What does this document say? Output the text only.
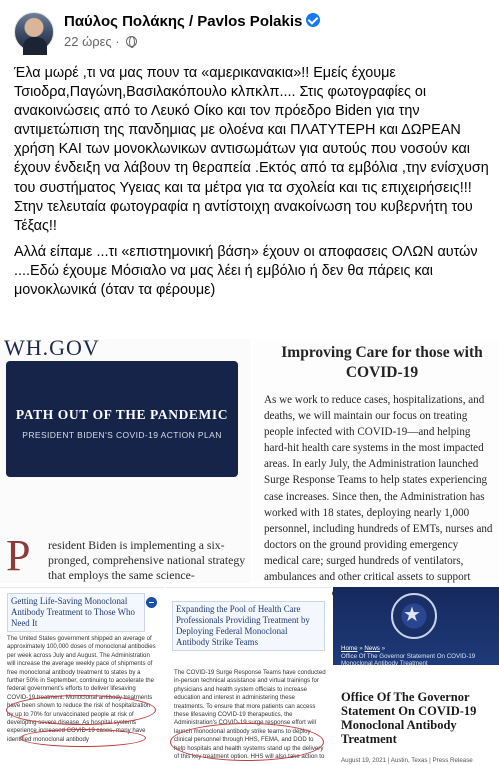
Παύλος Πολάκης / Pavlos Polakis
22 ώρες ·

Έλα μωρέ ,τι να μας πουν τα «αμερικανακια»!! Εμείς έχουμε Τσιοδρα,Παγώνη,Βασιλακόπουλο κλπκλπ.... Στις φωτογραφίες οι ανακοινώσεις από το Λευκό Οίκο και τον πρόεδρο Biden για την αντιμετώπιση της πανδημιας με ολοένα και ΠΛΑΤΥΤΕΡΗ και ΔΩΡΕΑΝ χρήση ΚΑΙ των μονοκλωνικων αντισωμάτων για αυτούς που νοσούν και έχουν ένδειξη να λάβουν τη θεραπεία .Εκτός από τα εμβόλια ,την ενίσχυση του συστήματος Υγειας και τα μέτρα για τα σχολεία και τις επιχειρήσεις!!! Στην τελευταία φωτογραφία η αντίστοιχη ανακοίνωση του κυβερνήτη του Τέξας!!

Αλλά είπαμε ...τι «επιστημονική βάση» έχουν οι αποφασεις ΟΛΩΝ αυτών ....Εδώ έχουμε Μόσιαλο να μας λέει ή εμβόλιο ή δεν θα πάρεις και μονοκλωνικά (όταν τα φέρουμε)

WH.GOV
PATH OUT OF THE PANDEMIC
PRESIDENT BIDEN'S COVID-19 ACTION PLAN
P resident Biden is implementing a six-pronged, comprehensive national strategy that employs the same science-
Improving Care for those with COVID-19
As we work to reduce cases, hospitalizations, and deaths, we will maintain our focus on treating people infected with COVID-19—and helping hard-hit health care systems in the most impacted areas. In early July, the Administration launched Surge Response Teams to help states experiencing case increases. Since then, the Administration has worked with 18 states, deploying nearly 1,000 personnel, including hundreds of EMTs, nurses and doctors on the ground providing emergency medical care; surged hundreds of ventilators, ambulances and other critical assets to support
Getting Life-Saving Monoclonal Antibody Treatment to Those Who Need It
The United States government shipped an average of approximately 100,000 doses of monoclonal antibodies per week across July and August. The Administration will increase the average weekly pace of shipments of free monoclonal antibody treatment to states by a further 50% in September, continuing to accelerate the federal government's efforts to deliver lifesaving COVID-19 treatment. Monoclonal antibody treatments have been shown to reduce the risk of hospitalization by up to 70% for unvaccinated people at risk of developing severe disease. As hospital systems experience increased COVID-19 cases, many have identified monoclonal antibody
Expanding the Pool of Health Care Professionals Providing Treatment by Deploying Federal Monoclonal Antibody Strike Teams
The COVID-19 Surge Response Teams have conducted in-person technical assistance and virtual trainings for physicians and health system officials to increase education and interest in administering these treatments. To ensure that more patients can access these lifesaving COVID-19 therapeutics, the Administration's COVID-19 surge response effort will launch monoclonal antibody strike teams to deploy clinical personnel through HHS, FEMA, and DOD to help hospitals and health systems stand up the delivery of this key treatment option. HHS will also take action to
★
Home » News »
Office Of The Governor Statement On COVID-19 Monoclonal Antibody Treatment
Office Of The Governor Statement On COVID-19 Monoclonal Antibody Treatment
August 19, 2021 | Austin, Texas | Press Release
